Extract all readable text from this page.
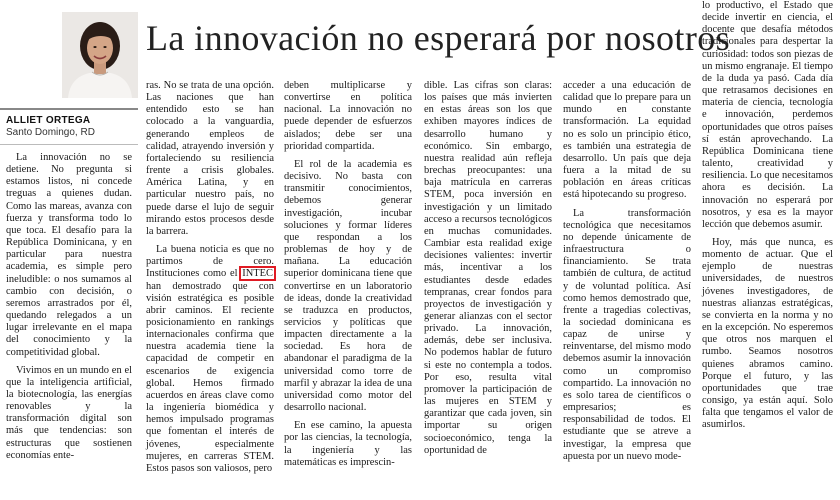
La innovación no esperará por nosotros
ALLIET ORTEGA
Santo Domingo, RD

La innovación no se detiene. No pregunta si estamos listos, ni concede treguas a quienes dudan. Como las mareas, avanza con fuerza y transforma todo lo que toca. El desafío para la República Dominicana, y en particular para nuestra academia, es simple pero ineludible: o nos sumamos al cambio con decisión, o seremos arrastrados por él, quedando relegados a un lugar irrelevante en el mapa del conocimiento y la competitividad global.

Vivimos en un mundo en el que la inteligencia artificial, la biotecnología, las energías renovables y la transformación digital son más que tendencias: son estructuras que sostienen economías ente-

ras. No se trata de una opción. Las naciones que han entendido esto se han colocado a la vanguardia, generando empleos de calidad, atrayendo inversión y fortaleciendo su resiliencia frente a crisis globales. América Latina, y en particular nuestro país, no puede darse el lujo de seguir mirando estos procesos desde la barrera.

La buena noticia es que no partimos de cero. Instituciones como el INTEC han demostrado que con visión estratégica es posible abrir caminos. El reciente posicionamiento en rankings internacionales confirma que nuestra academia tiene la capacidad de competir en escenarios de exigencia global. Hemos firmado acuerdos en áreas clave como la ingeniería biomédica y hemos impulsado programas que fomentan el interés de jóvenes, especialmente mujeres, en carreras STEM. Estos pasos son valiosos, pero

deben multiplicarse y convertirse en política nacional. La innovación no puede depender de esfuerzos aislados; debe ser una prioridad compartida.

El rol de la academia es decisivo. No basta con transmitir conocimientos, debemos generar investigación, incubar soluciones y formar líderes que respondan a los problemas de hoy y de mañana. La educación superior dominicana tiene que convertirse en un laboratorio de ideas, donde la creatividad se traduzca en productos, servicios y políticas que impacten directamente a la sociedad. Es hora de abandonar el paradigma de la universidad como torre de marfil y abrazar la idea de una universidad como motor del desarrollo nacional.

En ese camino, la apuesta por las ciencias, la tecnología, la ingeniería y las matemáticas es imprescin-

dible. Las cifras son claras: los países que más invierten en estas áreas son los que exhiben mayores índices de desarrollo humano y económico. Sin embargo, nuestra realidad aún refleja brechas preocupantes: una baja matrícula en carreras STEM, poca inversión en investigación y un limitado acceso a recursos tecnológicos en muchas comunidades. Cambiar esta realidad exige decisiones valientes: invertir más, incentivar a los estudiantes desde edades tempranas, crear fondos para proyectos de investigación y generar alianzas con el sector privado. La innovación, además, debe ser inclusiva. No podemos hablar de futuro si este no contempla a todos. Por eso, resulta vital promover la participación de las mujeres en STEM y garantizar que cada joven, sin importar su origen socioeconómico, tenga la oportunidad de

acceder a una educación de calidad que lo prepare para un mundo en constante transformación. La equidad no es solo un principio ético, es también una estrategia de desarrollo. Un país que deja fuera a la mitad de su población en áreas críticas está hipotecando su progreso.

La transformación tecnológica que necesitamos no depende únicamente de infraestructura o financiamiento. Se trata también de cultura, de actitud y de voluntad política. Así como hemos demostrado que, frente a tragedias colectivas, la sociedad dominicana es capaz de unirse y reinventarse, del mismo modo debemos asumir la innovación como un compromiso compartido. La innovación no es solo tarea de científicos o empresarios; es responsabilidad de todos. El estudiante que se atreve a investigar, la empresa que apuesta por un nuevo mode-

lo productivo, el Estado que decide invertir en ciencia, el docente que desafía métodos tradicionales para despertar la curiosidad: todos son piezas de un mismo engranaje. El tiempo de la duda ya pasó. Cada día que retrasamos decisiones en materia de ciencia, tecnología e innovación, perdemos oportunidades que otros países sí están aprovechando. La República Dominicana tiene talento, creatividad y resiliencia. Lo que necesitamos ahora es decisión. La innovación no esperará por nosotros, y esa es la mayor lección que debemos asumir.

Hoy, más que nunca, es momento de actuar. Que el ejemplo de nuestras universidades, de nuestros jóvenes investigadores, de nuestras alianzas estratégicas, se convierta en la norma y no en la excepción. No esperemos que otros nos marquen el rumbo. Seamos nosotros quienes abramos camino. Porque el futuro, y las oportunidades que trae consigo, ya están aquí. Solo falta que tengamos el valor de asumirlos.
